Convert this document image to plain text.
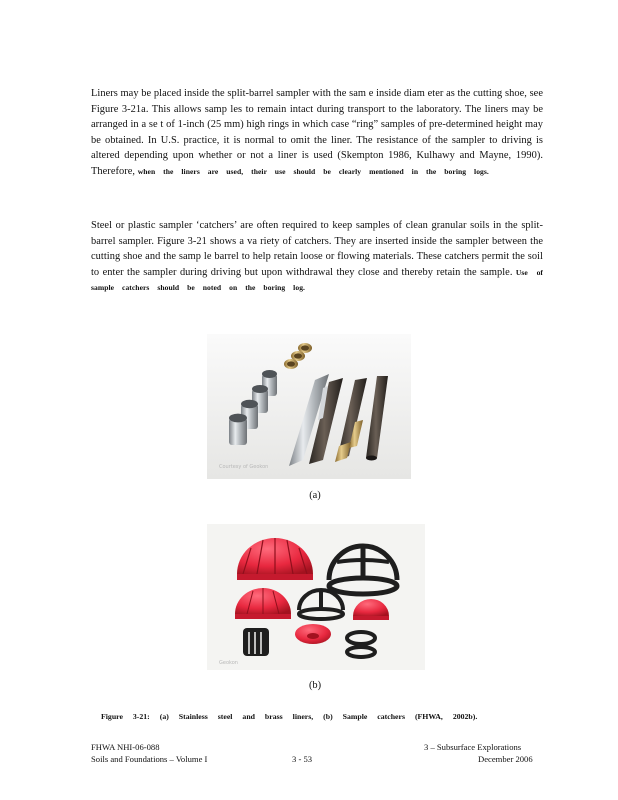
Liners may be placed inside the split-barrel sampler with the sam e inside diam eter as the cutting shoe, see Figure 3-21a. This allows samp les to remain intact during transport to the laboratory. The liners may be arranged in a se t of 1-inch (25 mm) high rings in which case “ring” samples of pre-determined height may be obtained. In U.S. practice, it is normal to omit the liner. The resistance of the sampler to driving is altered depending upon whether or not a liner is used (Skempton 1986, Kulhawy and Mayne, 1990). Therefore, when the liners are used, their use should be clearly mentioned in the boring logs.
Steel or plastic sampler ‘catchers’ are often required to keep samples of clean granular soils in the split-barrel sampler. Figure 3-21 shows a va riety of catchers. They are inserted inside the sampler between the cutting shoe and the samp le barrel to help retain loose or flowing materials. These catchers permit the soil to enter the sampler during driving but upon withdrawal they close and thereby retain the sample. Use of sample catchers should be noted on the boring log.
Courtesy of Geokon
(a)
Geokon
(b)
Figure 3-21: (a) Stainless steel and brass liners, (b) Sample catchers (FHWA, 2002b).
FHWA NHI-06-088
Soils and Foundations – Volume I	3 - 53
3 – Subsurface Explorations
December 2006
